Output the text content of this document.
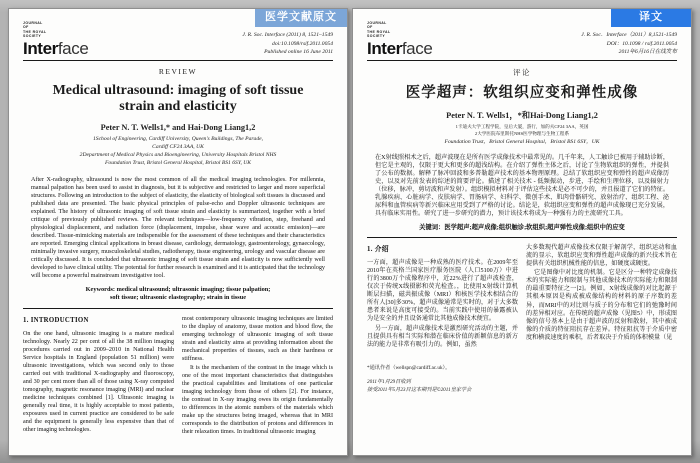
医学文献原文
JOURNAL
OF
THE ROYAL
SOCIETY
Interface
J. R. Soc. Interface (2011) 8, 1521–1549
doi:10.1098/rsif.2011.0054
Published online 16 June 2011
REVIEW
Medical ultrasound: imaging of soft tissue strain and elasticity
Peter N. T. Wells1,* and Hai-Dong Liang1,2
1School of Engineering, Cardiff University, Queen's Buildings, The Parade,
Cardiff CF24 3AA, UK
2Department of Medical Physics and Bioengineering, University Hospitals Bristol NHS
Foundation Trust, Bristol General Hospital, Bristol BS1 6SY, UK
After X-radiography, ultrasound is now the most common of all the medical imaging technologies. For millennia, manual palpation has been used to assist in diagnosis, but it is subjective and restricted to larger and more superficial structures. Following an introduction to the subject of elasticity, the elasticity of biological soft tissues is discussed and published data are presented. The basic physical principles of pulse-echo and Doppler ultrasonic techniques are explained. The history of ultrasonic imaging of soft tissue strain and elasticity is summarized, together with a brief critique of previously published reviews. The relevant techniques—low-frequency vibration, step, freehand and physiological displacement, and radiation force (displacement, impulse, shear wave and acoustic emission)—are described. Tissue-mimicking materials are indispensible for the assessment of these techniques and their characteristics are reported. Emerging clinical applications in breast disease, cardiology, dermatology, gastroenterology, gynaecology, minimally invasive surgery, musculoskeletal studies, radiotherapy, tissue engineering, urology and vascular disease are critically discussed. It is concluded that ultrasonic imaging of soft tissue strain and elasticity is now sufficiently well developed to have clinical utility. The potential for further research is examined and it is anticipated that the technology will become a powerful mainstream investigative tool.
Keywords: medical ultrasound; ultrasonic imaging; tissue palpation;
soft tissue; ultrasonic elastography; strain in tissue
1. INTRODUCTION

On the one hand, ultrasonic imaging is a mature medical technology. Nearly 22 per cent of all the 38 million imaging procedures carried out in 2009–2010 in National Health Service hospitals in England (population 51 million) were ultrasonic investigations, which was second only to those carried out with traditional X-radiography and fluoroscopy, and 30 per cent more than all of those using X-ray computed tomography, magnetic resonance imaging (MRI) and nuclear medicine techniques combined [1]. Ultrasonic imaging is generally real time, it is highly acceptable to most patients, exposures used in current practice are considered to be safe and the equipment is generally less expensive than that of other imaging technologies.

most contemporary ultrasonic imaging techniques are limited to the display of anatomy, tissue motion and blood flow, the emerging technology of ultrasonic imaging of soft tissue strain and elasticity aims at providing information about the mechanical properties of tissues, such as their hardness or stiffness.

It is the mechanism of the contrast in the image which is one of the most important characteristics that distinguishes the practical capabilities and limitations of one particular imaging technology from those of others [2]. For instance, the contrast in X-ray imaging owes its origin fundamentally to differences in the atomic numbers of the materials which make up the structures being imaged, whereas that in MRI corresponds to the distribution of protons and differences in their relaxation times. In traditional ultrasonic imaging

译文
JOURNAL
OF
THE ROYAL
SOCIETY
Interface
J. R. Soc．Interface（2011）8,1521-1549
DOI：10.1098 / rsif.2011.0054
2011年6月16日在线发布
评论
医学超声：软组织应变和弹性成像
Peter N. T. Wells1，*和Hai-Dong Liang1,2
1卡迪夫大学工程学院，皇后大厦，游行，加的夫CF24 3AA，英国
2大学医院布里斯托NHS医学物理与生物工程系
Foundation Trust，Bristol General Hospital，Bristol BS1 6SY，UK
在X射线照相术之后，超声波现在是所有医学成像技术中最常见的。几千年来，人工触诊已被用于辅助诊断，但它是主观的，仅限于更大和更多的超浅结构。在介绍了弹性主体之后，讨论了生物软组织的弹性，并提供了公布的数据。解释了脉冲回波和多普勒超声技术的基本物理原理。总结了软组织应变和弹性的超声成像历史，以及对先前发表的综述的简要评论。描述了相关技术 - 低频振动，步进，手绘和生理位移，以及辐射力（位移，脉冲，剪切波和声发射）。组织模拟材料对于评估这些技术是必不可少的，并且报道了它们的特征。乳腺疾病、心脏病学、皮肤病学、胃肠病学、妇科学、微创手术、肌肉骨骼研究、放射治疗、组织工程、泌尿科和血管疾病等新兴临床应用受到了严格的讨论。结论是，软组织应变和弹性的超声成像现已充分发展，具有临床实用性。研究了进一步研究的潜力，预计该技术将成为一种强有力的主流研究工具。
关键词：医学超声;超声成像;组织触诊;软组织;超声弹性成像;组织中的应变
1. 介绍

一方面，超声成像是一种成熟的医疗技术。在2009年至2010年在英格兰国家医疗服务医院（人口5100万）中进行的3800万个成像程序中，近22%进行了超声波检查，仅次于传统X线摄影和荧光检查。，比使用X射线计算机断层扫描，磁共振成像（MRI）和核医学技术相结合的所有人[30]多30%，超声成像通常是实时的，对于大多数患者来说是高度可接受的。当前实践中使用的暴露被认为是安全的并且设备通常比其他成像技术便宜。

另一方面，超声成像技术是激烈研究活动的主题，并且提供具有相当实际和潜在临床价值的新颖信息的新方法的能力是非常有吸引力的。例如，虽然

*通讯作者（wellspn@cardiff.ac.uk）。
2011年1月29日收到
接受2011年5月23日这本期刊是©2011皇家学会

大多数现代超声成像技术仅限于解剖学，组织运动和血流的显示，软组织应变和弹性超声成像的新兴技术旨在提供有关组织机械性能的信息，如硬度或硬度。

它是图像中对比度的机制。它是区分一种特定成像技术的实际能力和限制与其他成像技术的实际能力和限制的最重要特征之一[2]。例如，X射线成像的对比起源于其根本原因是构成被成像结构的材料的原子序数的差异，而MRI中的对比则与质子的分布和它们的弛豫时间的差异相对应。在传统的超声成像（见图5）中，形成图像的信号基本上是由于超声波的反射和散射，其中被成像的介质的特征阻抗存在差异。特征阻抗等于介质中密度和横波速度的乘积，后者取决于介质的体积模量（见
